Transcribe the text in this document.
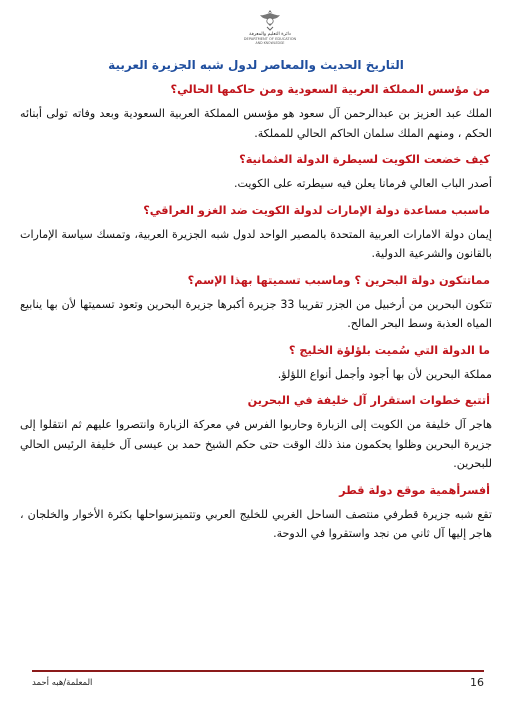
دائرة التعليم والمعرفة
DEPARTMENT OF EDUCATION
AND KNOWLEDGE
التاريخ الحديث والمعاصر لدول شبه الجزيرة العربية
من مؤسس المملكة العربية السعودية ومن حاكمها الحالي؟
الملك عبد العزيز بن عبدالرحمن آل سعود هو مؤسس المملكة العربية السعودية وبعد وفاته تولى أبنائه الحكم ، ومنهم الملك سلمان الحاكم الحالي للمملكة.
كيف خضعت الكويت لسيطرة الدولة العثمانية؟
أصدر الباب العالي فرمانا يعلن فيه سيطرته على الكويت.
ماسبب مساعدة دولة الإمارات لدولة الكويت ضد الغزو العراقي؟
إيمان دولة الامارات العربية المتحدة بالمصير الواحد لدول شبه الجزيرة العربية، وتمسك سياسة الإمارات بالقانون والشرعية الدولية.
مماتتكون دولة البحرين ؟ وماسبب تسميتها بهذا الإسم؟
تتكون البحرين من أرخبيل من الجزر تقريبا 33 جزيرة أكبرها جزيرة البحرين وتعود تسميتها لأن بها ينابيع المياه العذبة وسط البحر المالح.
ما الدولة التي سُميت بلؤلؤة الخليج ؟
مملكة البحرين لأن بها أجود وأجمل أنواع اللؤلؤ.
أتتبع خطوات استقرار آل خليفة في البحرين
هاجر آل خليفة من الكويت إلى الزبارة وحاربوا الفرس في معركة الزبارة وانتصروا عليهم ثم انتقلوا إلى جزيرة البحرين وظلوا يحكمون منذ ذلك الوقت حتى حكم الشيخ حمد بن عيسى آل خليفة الرئيس الحالي للبحرين.
أفسرأهمية موقع دولة قطر
تقع شبه جزيرة قطرفي منتصف الساحل الغربي للخليج العربي وتتميزسواحلها بكثرة الأخوار والخلجان ، هاجر إليها آل ثاني من نجد واستقروا في الدوحة.
16
المعلمة/هبه أحمد
